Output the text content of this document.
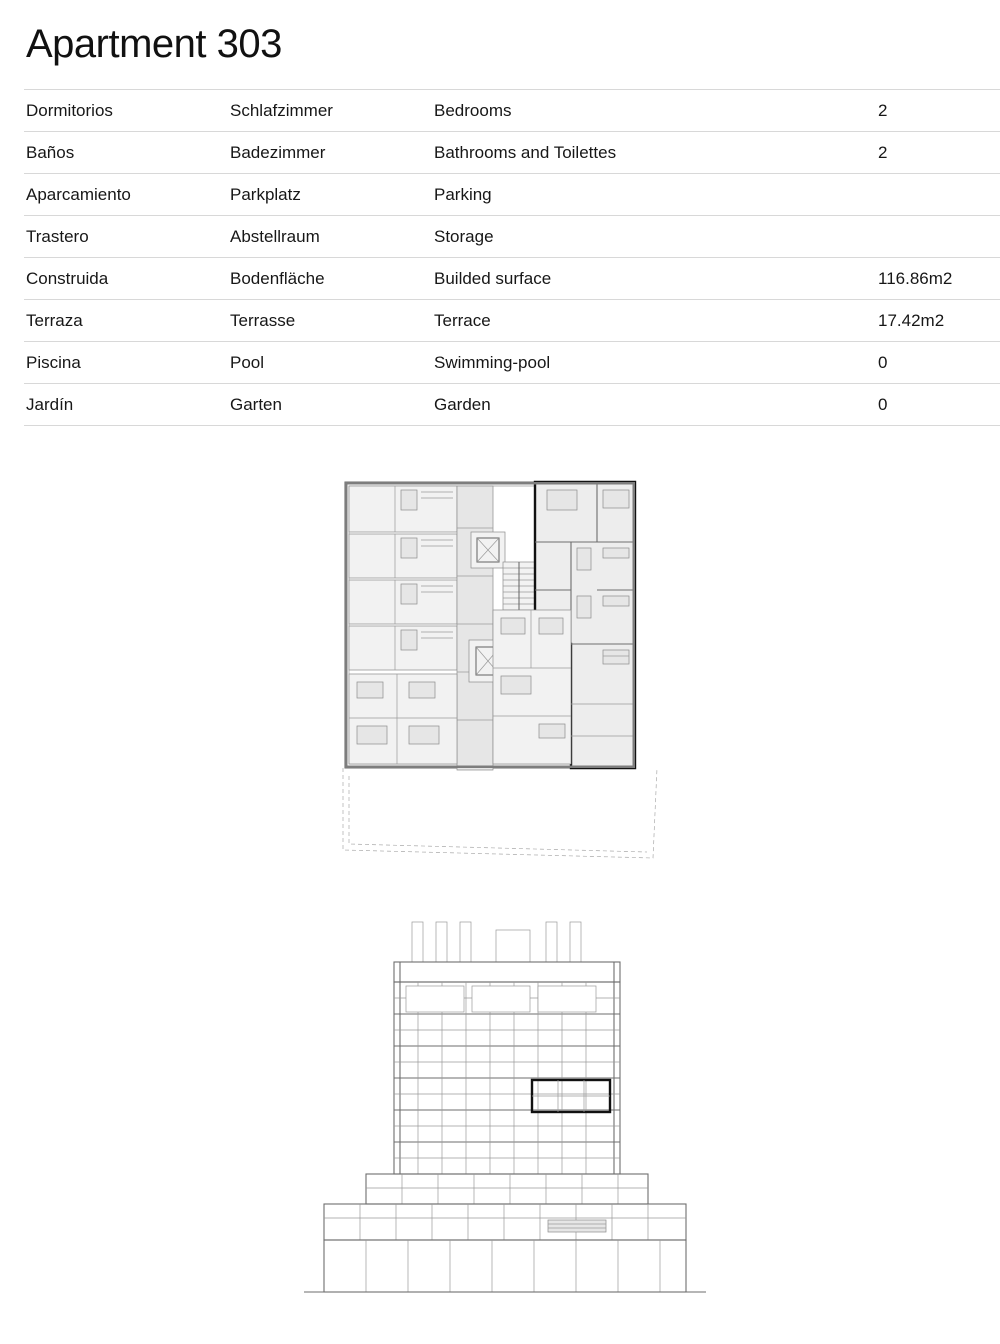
Apartment 303
Dormitorios	Schlafzimmer	Bedrooms	2
Baños	Badezimmer	Bathrooms and Toilettes	2
Aparcamiento	Parkplatz	Parking	
Trastero	Abstellraum	Storage	
Construida	Bodenfläche	Builded surface	116.86m2
Terraza	Terrasse	Terrace	17.42m2
Piscina	Pool	Swimming-pool	0
Jardín	Garten	Garden	0
